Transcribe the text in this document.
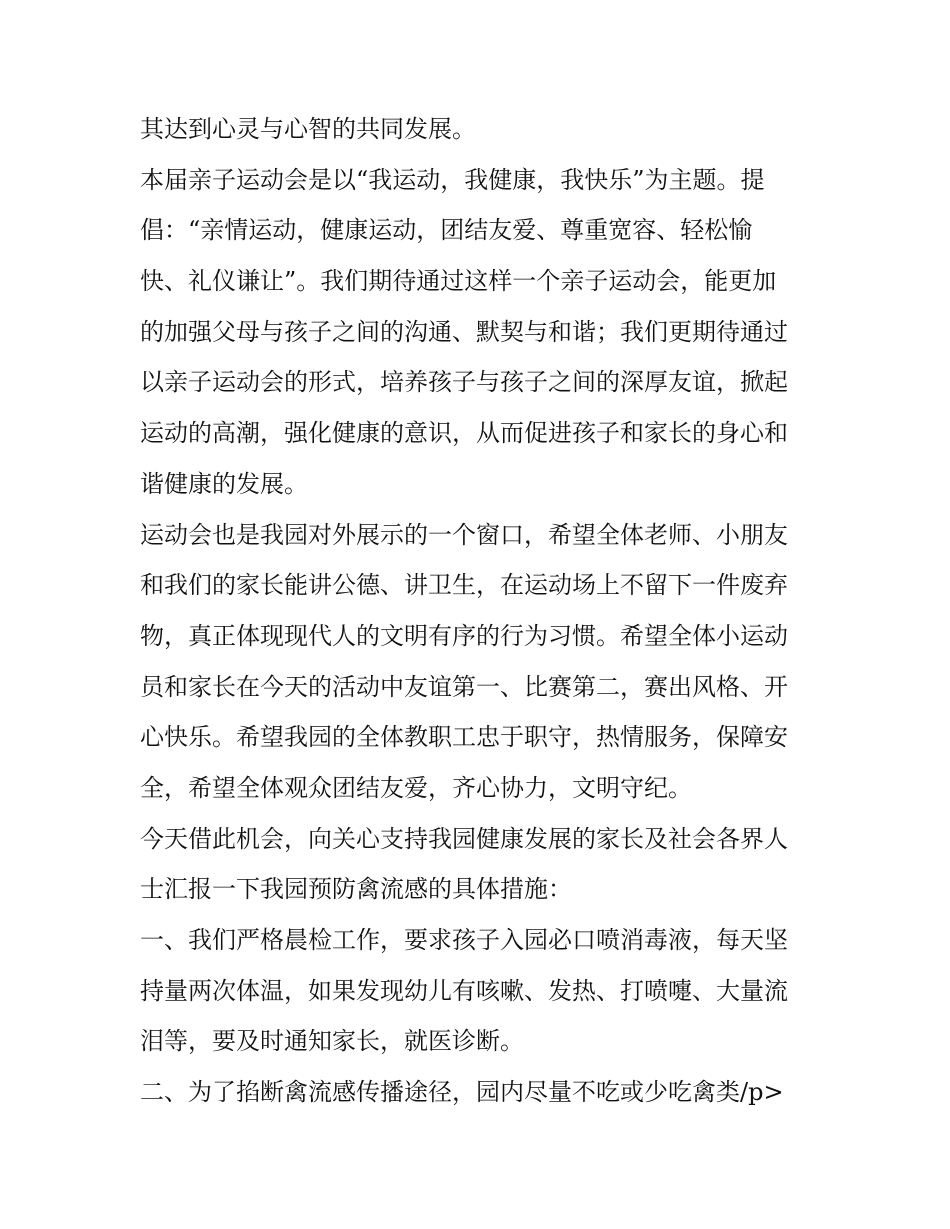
其达到心灵与心智的共同发展。
本届亲子运动会是以“我运动，我健康，我快乐”为主题。提
倡：“亲情运动，健康运动，团结友爱、尊重宽容、轻松愉
快、礼仪谦让”。我们期待通过这样一个亲子运动会，能更加
的加强父母与孩子之间的沟通、默契与和谐；我们更期待通过
以亲子运动会的形式，培养孩子与孩子之间的深厚友谊，掀起
运动的高潮，强化健康的意识，从而促进孩子和家长的身心和
谐健康的发展。
运动会也是我园对外展示的一个窗口，希望全体老师、小朋友
和我们的家长能讲公德、讲卫生，在运动场上不留下一件废弃
物，真正体现现代人的文明有序的行为习惯。希望全体小运动
员和家长在今天的活动中友谊第一、比赛第二，赛出风格、开
心快乐。希望我园的全体教职工忠于职守，热情服务，保障安
全，希望全体观众团结友爱，齐心协力，文明守纪。
今天借此机会，向关心支持我园健康发展的家长及社会各界人
士汇报一下我园预防禽流感的具体措施：
一、我们严格晨检工作，要求孩子入园必口喷消毒液，每天坚
持量两次体温，如果发现幼儿有咳嗽、发热、打喷嚏、大量流
泪等，要及时通知家长，就医诊断。
二、为了掐断禽流感传播途径，园内尽量不吃或少吃禽类/p>
